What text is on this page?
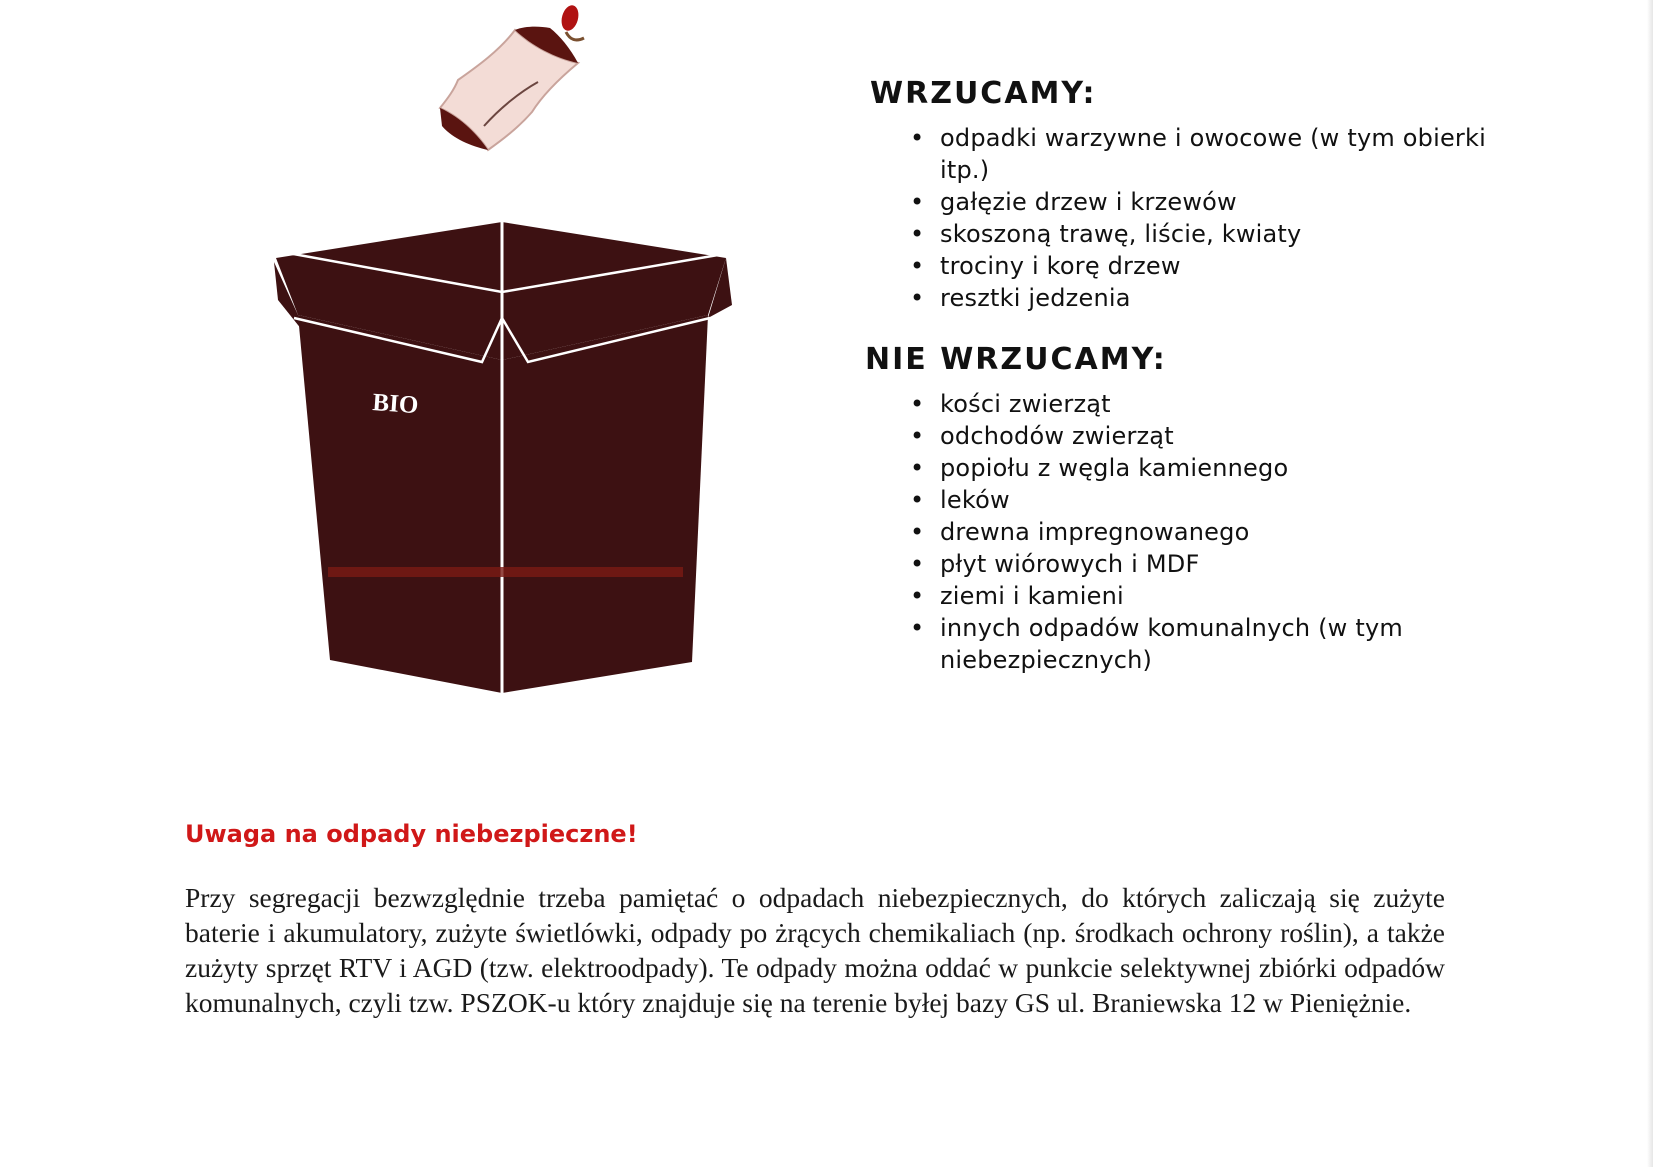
BIO
WRZUCAMY:
• odpadki warzywne i owocowe (w tym obierki itp.)
• gałęzie drzew i krzewów
• skoszoną trawę, liście, kwiaty
• trociny i korę drzew
• resztki jedzenia
NIE WRZUCAMY:
• kości zwierząt
• odchodów zwierząt
• popiołu z węgla kamiennego
• leków
• drewna impregnowanego
• płyt wiórowych i MDF
• ziemi i kamieni
• innych odpadów komunalnych (w tym niebezpiecznych)
Uwaga na odpady niebezpieczne!

Przy segregacji bezwzględnie trzeba pamiętać o odpadach niebezpiecznych, do których zaliczają się zużyte baterie i akumulatory, zużyte świetlówki, odpady po żrących chemikaliach (np. środkach ochrony roślin), a także zużyty sprzęt RTV i AGD (tzw. elektroodpady). Te odpady można oddać w punkcie selektywnej zbiórki odpadów komunalnych, czyli tzw. PSZOK-u który znajduje się na terenie byłej bazy GS ul. Braniewska 12 w Pieniężnie.
